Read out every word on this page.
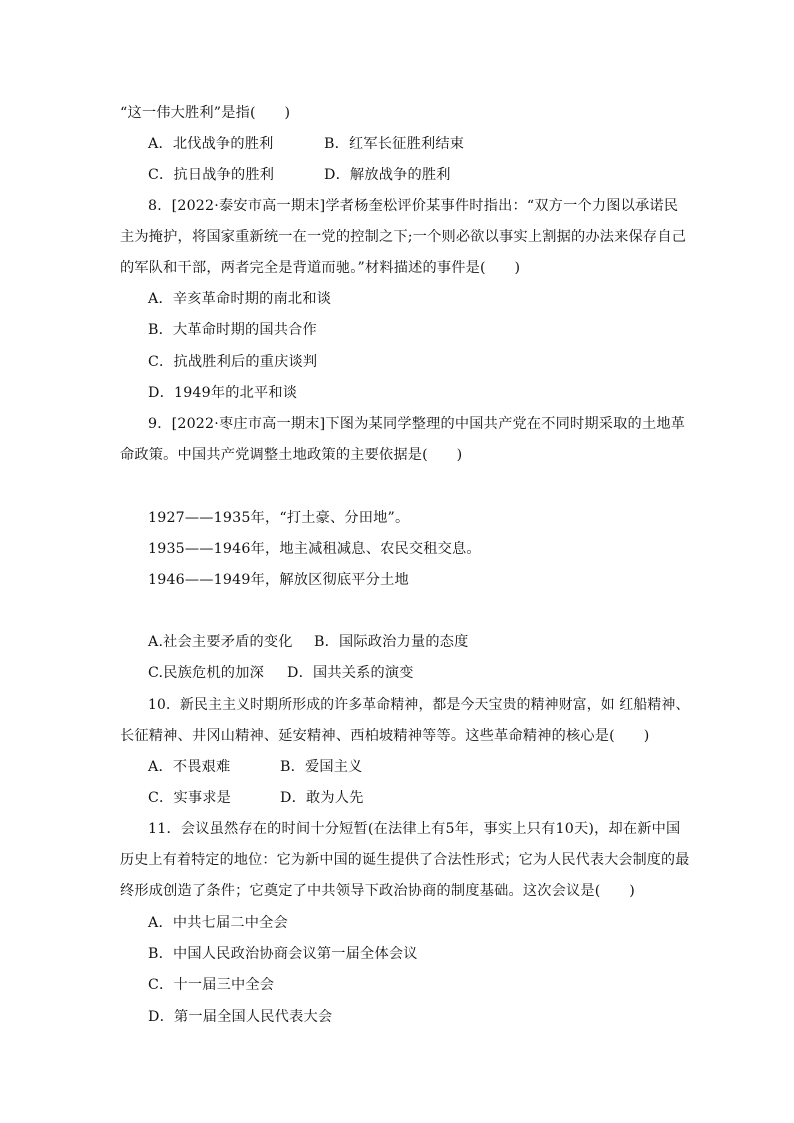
“这一伟大胜利”是指(　　)
A．北伐战争的胜利	B．红军长征胜利结束
C．抗日战争的胜利	D．解放战争的胜利
8．[2022·泰安市高一期末]学者杨奎松评价某事件时指出：“双方一个力图以承诺民
主为掩护，将国家重新统一在一党的控制之下;一个则必欲以事实上割据的办法来保存自己
的军队和干部，两者完全是背道而驰。”材料描述的事件是(　　)
A．辛亥革命时期的南北和谈
B．大革命时期的国共合作
C．抗战胜利后的重庆谈判
D．1949年的北平和谈
9．[2022·枣庄市高一期末]下图为某同学整理的中国共产党在不同时期采取的土地革
命政策。中国共产党调整土地政策的主要依据是(　　)
1927——1935年，“打土豪、分田地”。
1935——1946年，地主减租减息、农民交租交息。
1946——1949年，解放区彻底平分土地
A.社会主要矛盾的变化 B．国际政治力量的态度
C.民族危机的加深 D．国共关系的演变
10．新民主主义时期所形成的许多革命精神，都是今天宝贵的精神财富，如 红船精神、
长征精神、井冈山精神、延安精神、西柏坡精神等等。这些革命精神的核心是(　　)
A．不畏艰难	B．爱国主义
C．实事求是	D．敢为人先
11．会议虽然存在的时间十分短暂(在法律上有5年，事实上只有10天)，却在新中国
历史上有着特定的地位：它为新中国的诞生提供了合法性形式；它为人民代表大会制度的最
终形成创造了条件；它奠定了中共领导下政治协商的制度基础。这次会议是(　　)
A．中共七届二中全会
B．中国人民政治协商会议第一届全体会议
C．十一届三中全会
D．第一届全国人民代表大会
